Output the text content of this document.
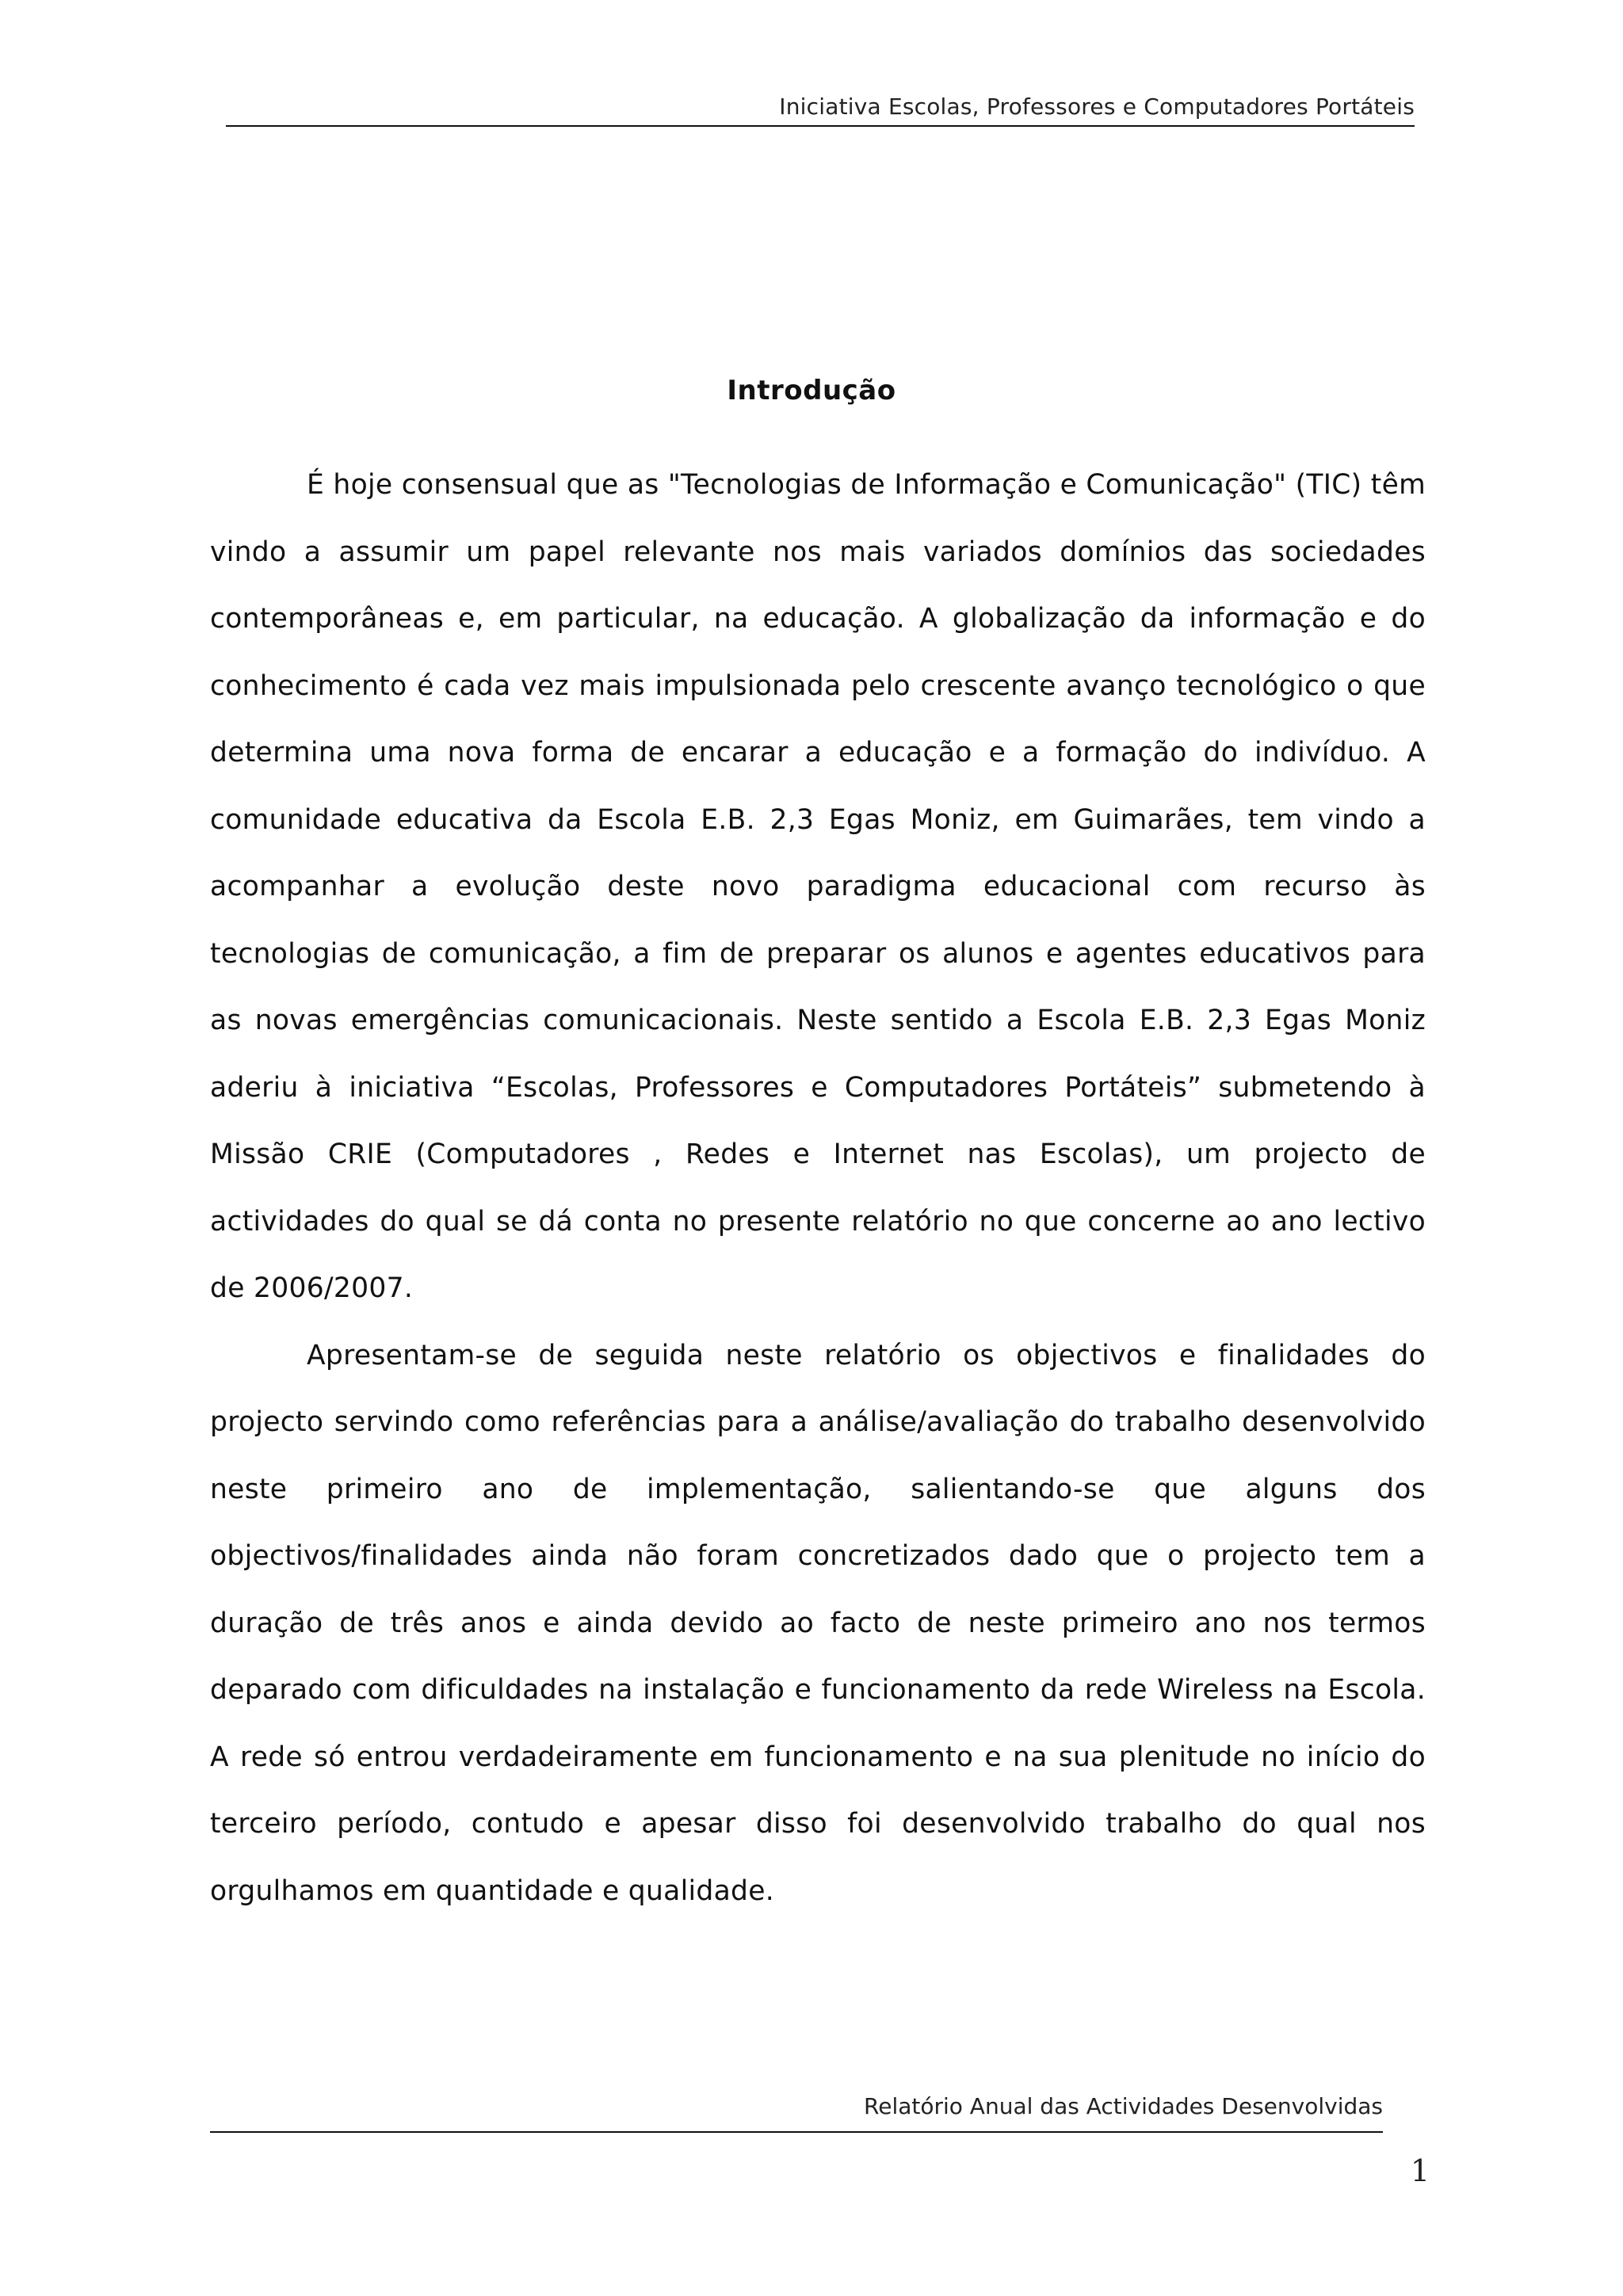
Iniciativa Escolas, Professores e Computadores Portáteis
Introdução

É hoje consensual que as "Tecnologias de Informação e Comunicação" (TIC) têm vindo a assumir um papel relevante nos mais variados domínios das sociedades contemporâneas e, em particular, na educação. A globalização da informação e do conhecimento é cada vez mais impulsionada pelo crescente avanço tecnológico o que determina uma nova forma de encarar a educação e a formação do indivíduo. A comunidade educativa da Escola E.B. 2,3 Egas Moniz, em Guimarães, tem vindo a acompanhar a evolução deste novo paradigma educacional com recurso às tecnologias de comunicação, a fim de preparar os alunos e agentes educativos para as novas emergências comunicacionais. Neste sentido a Escola E.B. 2,3 Egas Moniz aderiu à iniciativa “Escolas, Professores e Computadores Portáteis” submetendo à Missão CRIE (Computadores , Redes e Internet nas Escolas), um projecto de actividades do qual se dá conta no presente relatório no que concerne ao ano lectivo de 2006/2007.

Apresentam-se de seguida neste relatório os objectivos e finalidades do projecto servindo como referências para a análise/avaliação do trabalho desenvolvido neste primeiro ano de implementação, salientando-se que alguns dos objectivos/finalidades ainda não foram concretizados dado que o projecto tem a duração de três anos e ainda devido ao facto de neste primeiro ano nos termos deparado com dificuldades na instalação e funcionamento da rede Wireless na Escola. A rede só entrou verdadeiramente em funcionamento e na sua plenitude no início do terceiro período, contudo e apesar disso foi desenvolvido trabalho do qual nos orgulhamos em quantidade e qualidade.

Relatório Anual das Actividades Desenvolvidas
1
